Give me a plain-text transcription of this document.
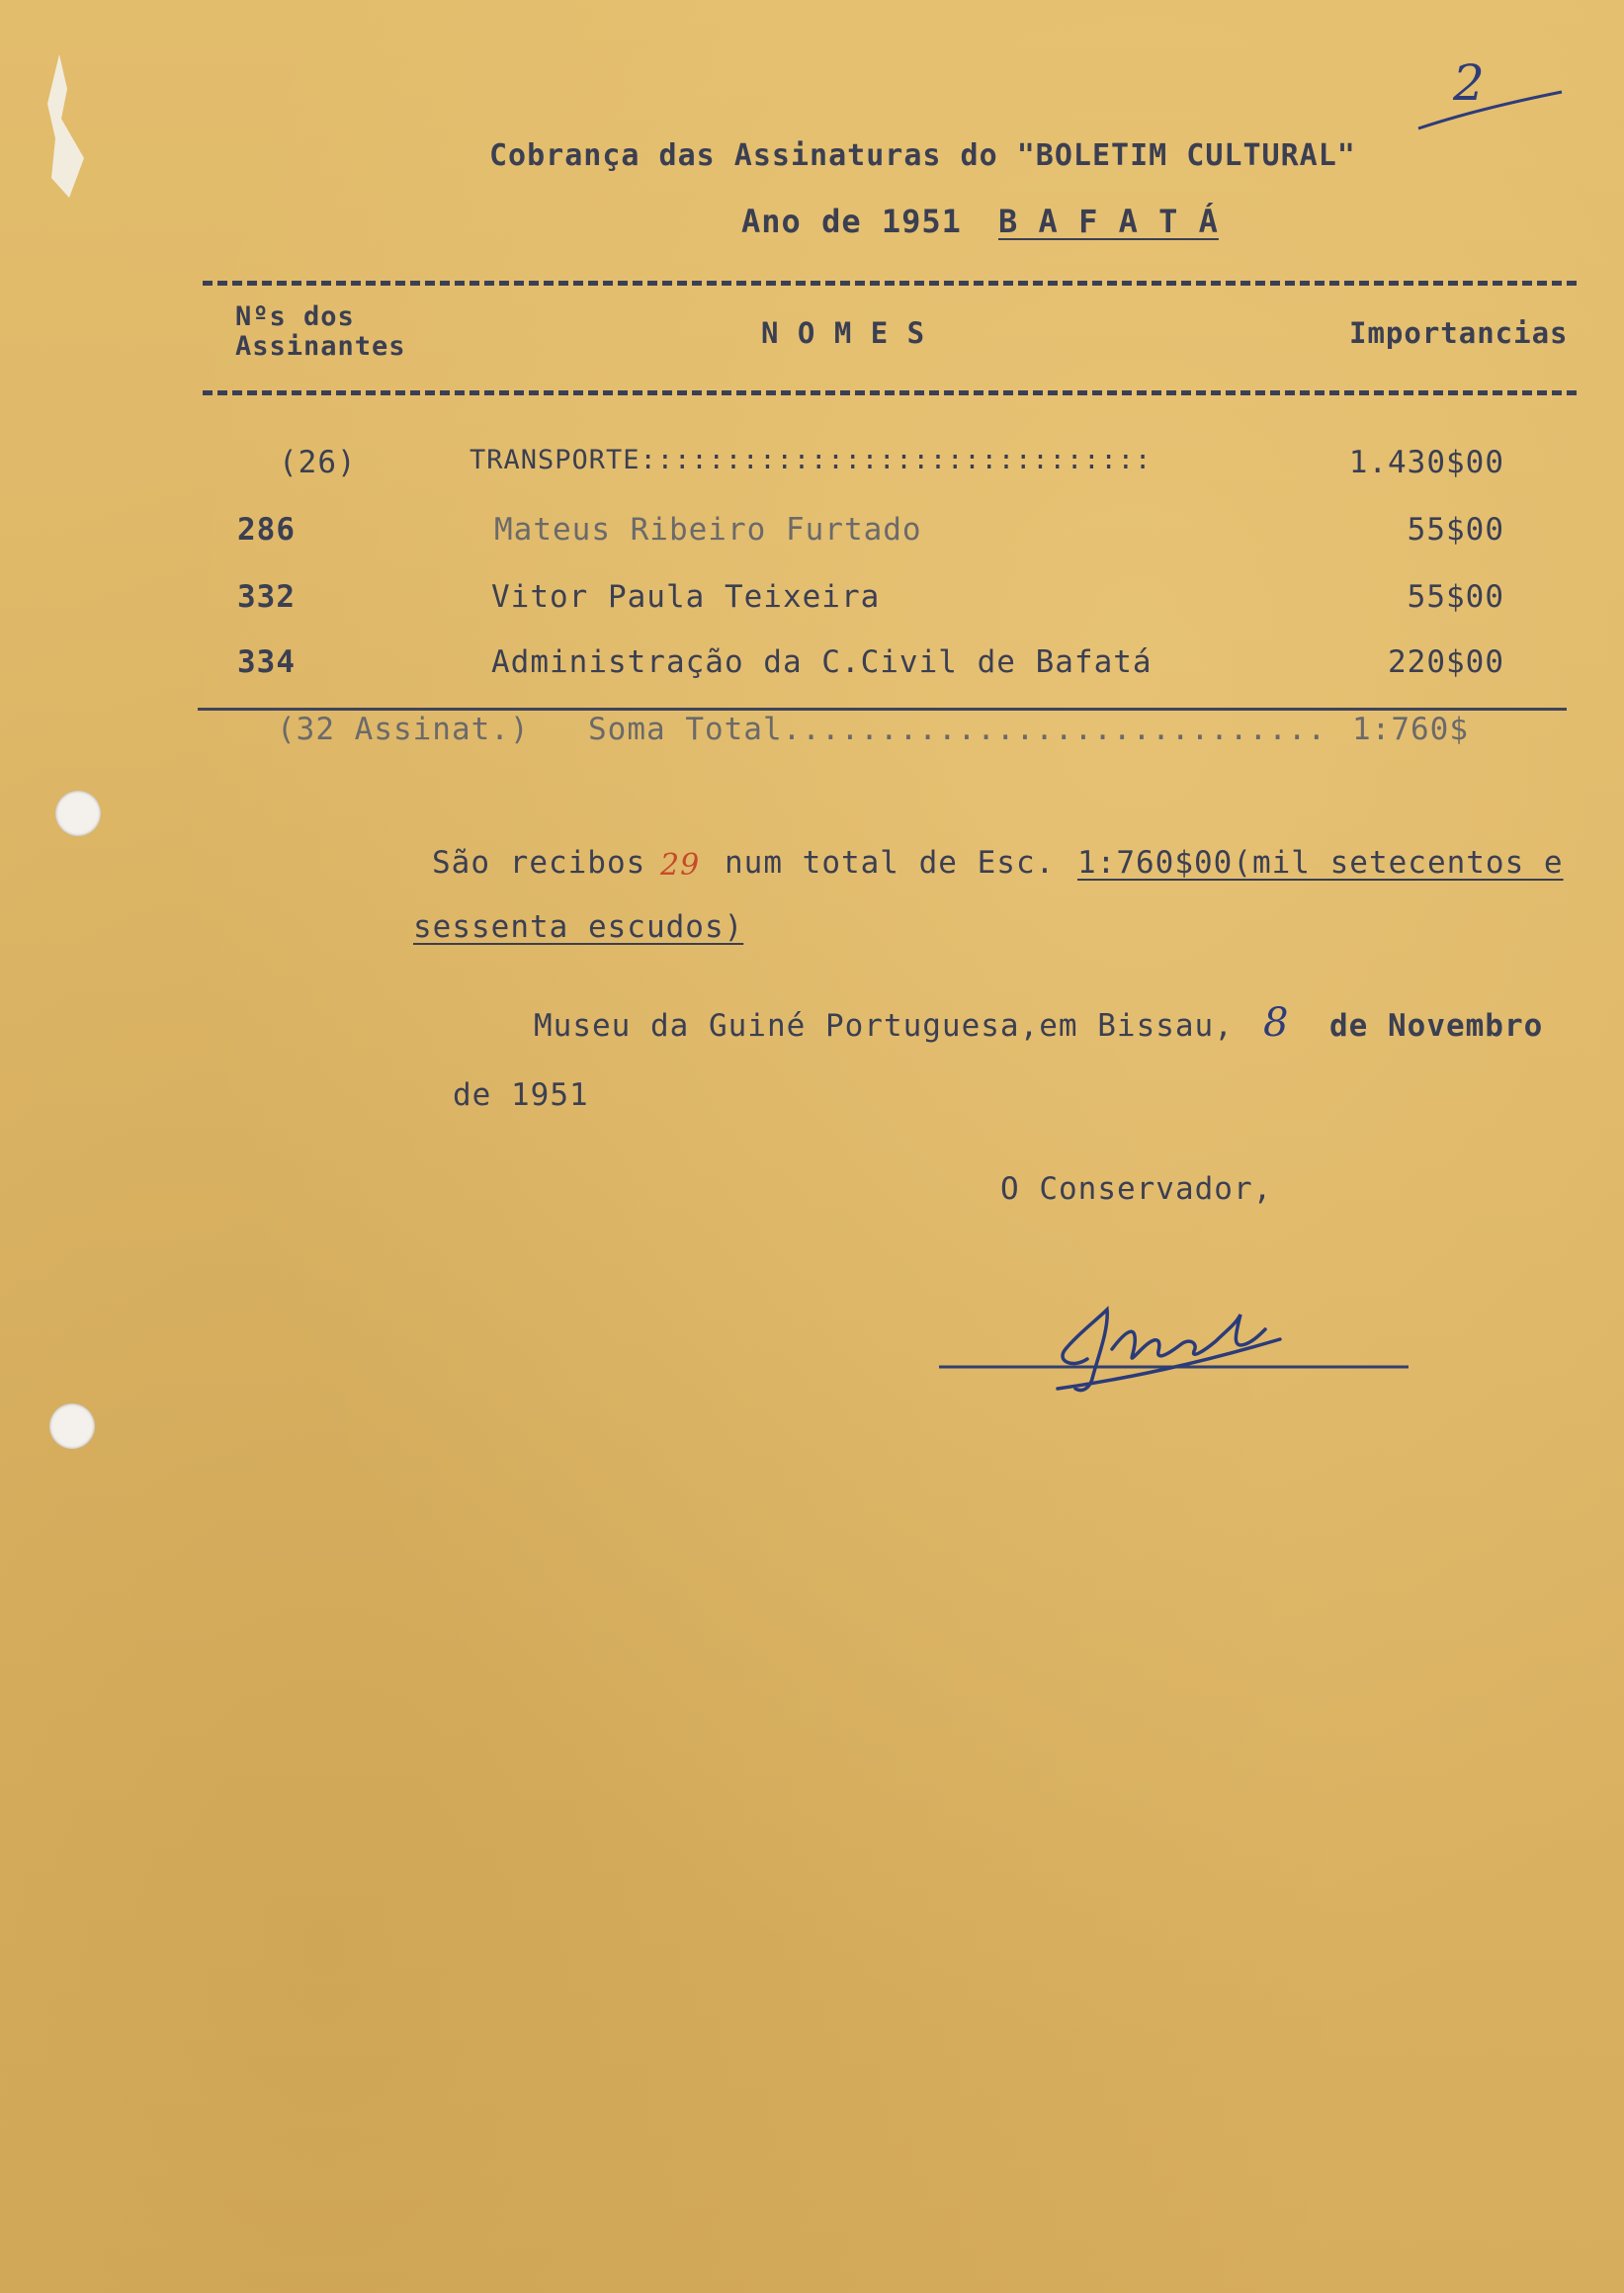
2
Cobrança das Assinaturas do "BOLETIM CULTURAL"
Ano de 1951 B A F A T Á
Nºs dos
Assinantes	N O M E S	Importancias
(26)	TRANSPORTE::::::::::::::::::::::::::::::	1.430$00
286	Mateus Ribeiro Furtado	55$00
332	Vitor Paula Teixeira	55$00
334	Administração da C.Civil de Bafatá	220$00
(32 Assinat.) Soma Total............................ 1:760$
São recibos 29 num total de Esc. 1:760$00(mil setecentos e
sessenta escudos)
Museu da Guiné Portuguesa,em Bissau, 8 de Novembro
de 1951
O Conservador,
